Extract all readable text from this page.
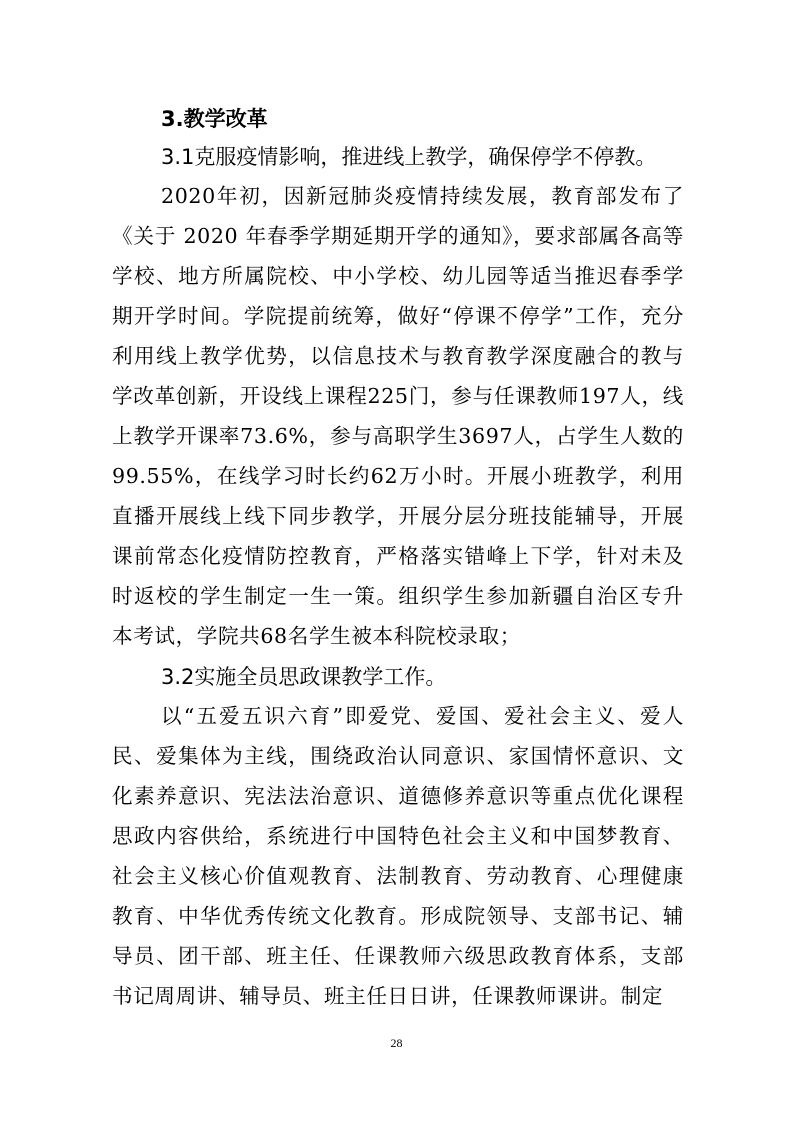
3.教学改革

3.1克服疫情影响，推进线上教学，确保停学不停教。

2020年初，因新冠肺炎疫情持续发展，教育部发布了《关于 2020 年春季学期延期开学的通知》，要求部属各高等学校、地方所属院校、中小学校、幼儿园等适当推迟春季学期开学时间。学院提前统筹，做好“停课不停学”工作，充分利用线上教学优势，以信息技术与教育教学深度融合的教与学改革创新，开设线上课程225门，参与任课教师197人，线上教学开课率73.6%，参与高职学生3697人，占学生人数的99.55%，在线学习时长约62万小时。开展小班教学，利用直播开展线上线下同步教学，开展分层分班技能辅导，开展课前常态化疫情防控教育，严格落实错峰上下学，针对未及时返校的学生制定一生一策。组织学生参加新疆自治区专升本考试，学院共68名学生被本科院校录取；

3.2实施全员思政课教学工作。

以“五爱五识六育”即爱党、爱国、爱社会主义、爱人民、爱集体为主线，围绕政治认同意识、家国情怀意识、文化素养意识、宪法法治意识、道德修养意识等重点优化课程思政内容供给，系统进行中国特色社会主义和中国梦教育、社会主义核心价值观教育、法制教育、劳动教育、心理健康教育、中华优秀传统文化教育。形成院领导、支部书记、辅导员、团干部、班主任、任课教师六级思政教育体系，支部书记周周讲、辅导员、班主任日日讲，任课教师课讲。制定

28
